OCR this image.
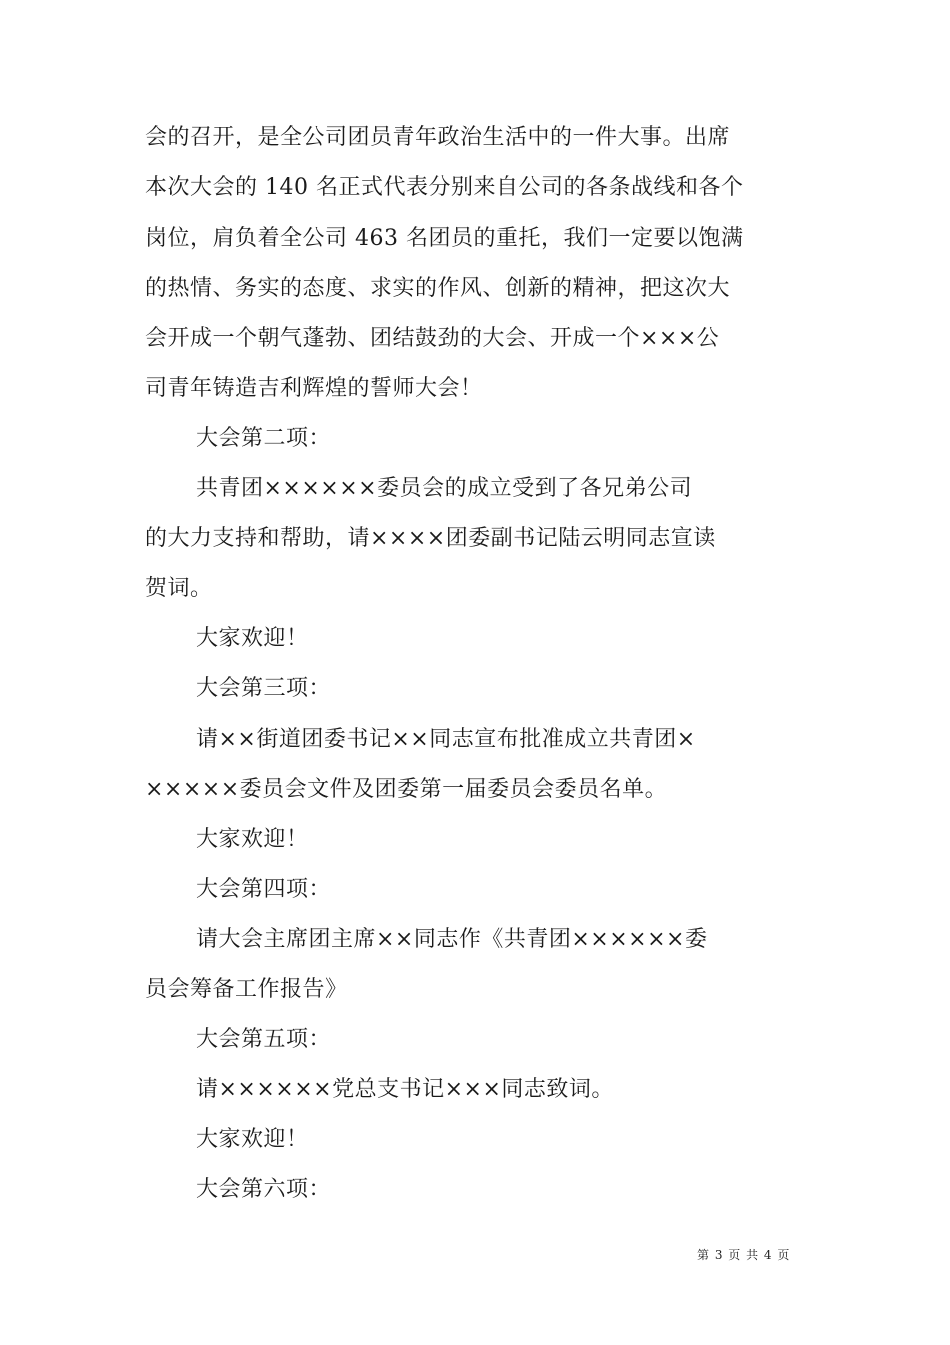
会的召开，是全公司团员青年政治生活中的一件大事。出席
本次大会的 140 名正式代表分别来自公司的各条战线和各个
岗位，肩负着全公司 463 名团员的重托，我们一定要以饱满
的热情、务实的态度、求实的作风、创新的精神，把这次大
会开成一个朝气蓬勃、团结鼓劲的大会、开成一个×××公
司青年铸造吉利辉煌的誓师大会！
大会第二项：
共青团××××××委员会的成立受到了各兄弟公司
的大力支持和帮助，请××××团委副书记陆云明同志宣读
贺词。
大家欢迎！
大会第三项：
请××街道团委书记××同志宣布批准成立共青团×
×××××委员会文件及团委第一届委员会委员名单。
大家欢迎！
大会第四项：
请大会主席团主席××同志作《共青团××××××委
员会筹备工作报告》
大会第五项：
请××××××党总支书记×××同志致词。
大家欢迎！
大会第六项：
第 3 页 共 4 页
